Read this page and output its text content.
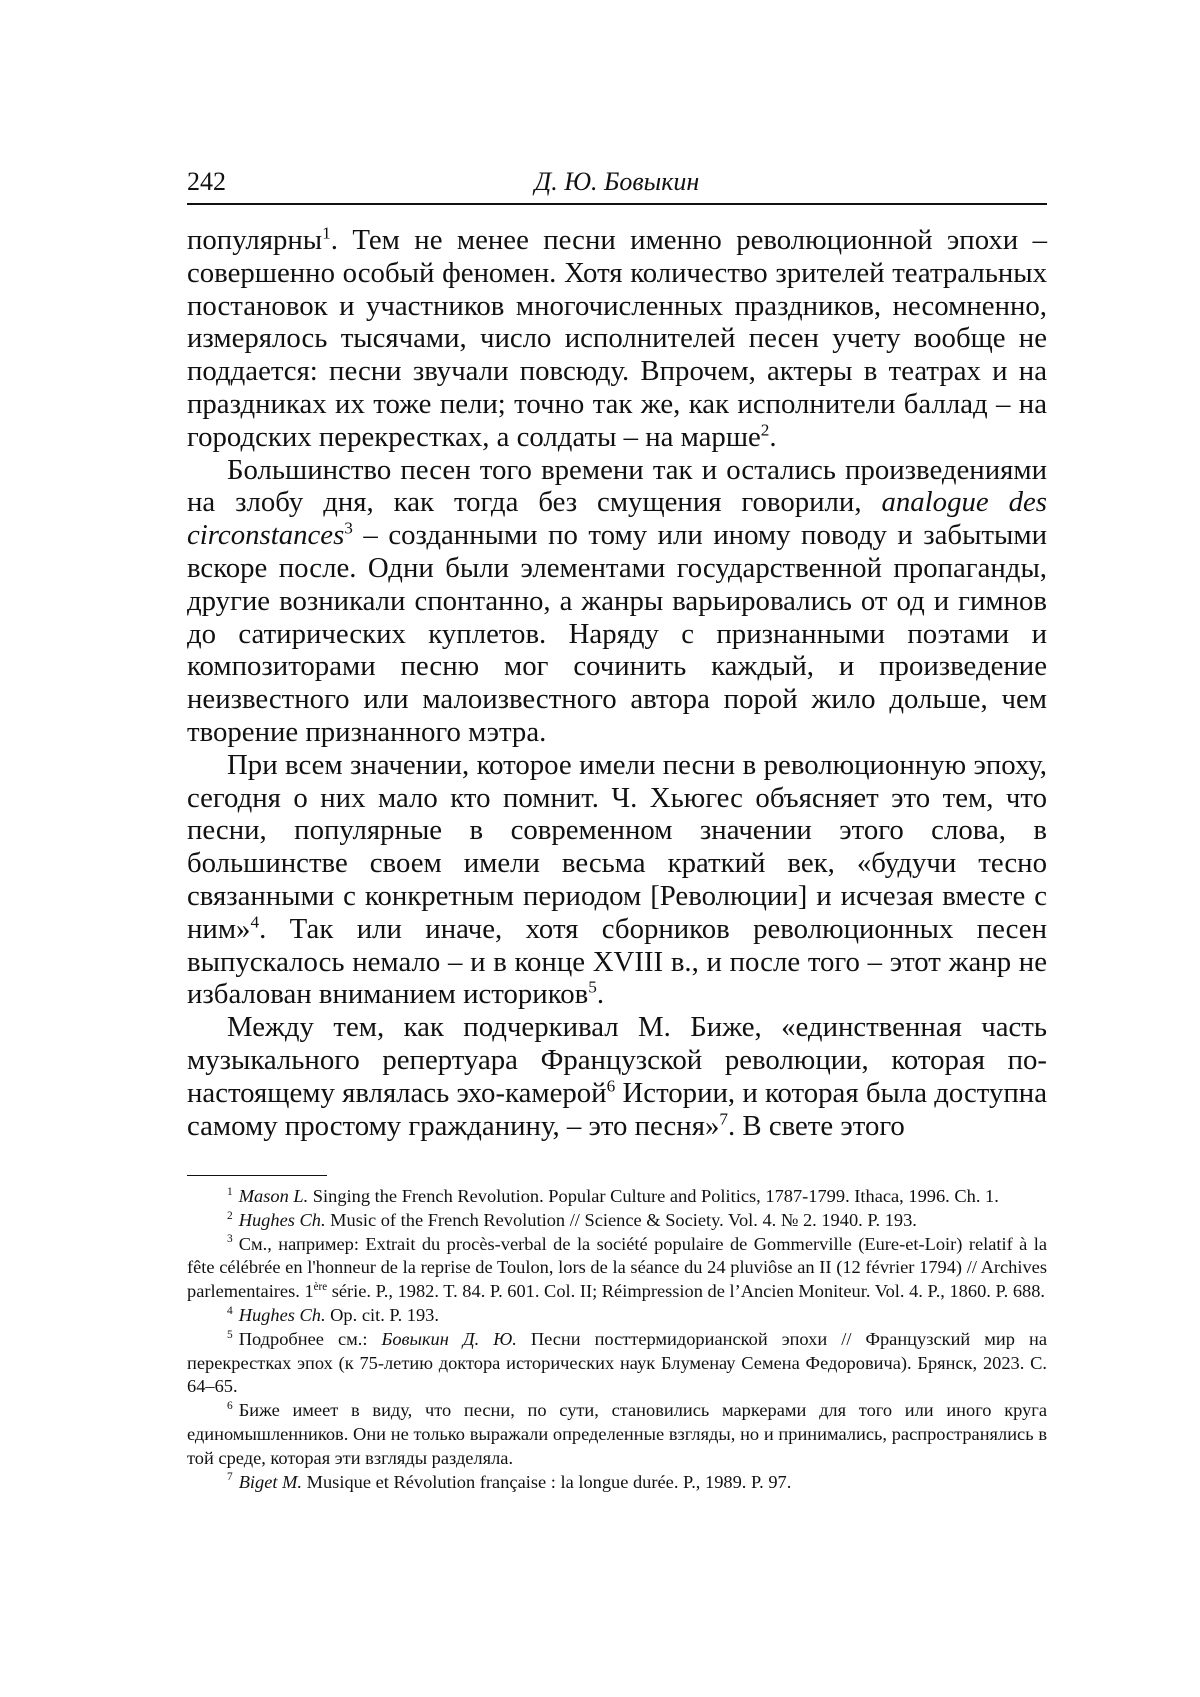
242	Д. Ю. Бовыкин

популярны$^1$. Тем не менее песни именно революционной эпохи – совершенно особый феномен. Хотя количество зрителей театральных постановок и участников многочисленных праздников, несомненно, измерялось тысячами, число исполнителей песен учету вообще не поддается: песни звучали повсюду. Впрочем, актеры в театрах и на праздниках их тоже пели; точно так же, как исполнители баллад – на городских перекрестках, а солдаты – на марше$^2$.

Большинство песен того времени так и остались произведениями на злобу дня, как тогда без смущения говорили, analogue des circonstances$^3$ – созданными по тому или иному поводу и забытыми вскоре после. Одни были элементами государственной пропаганды, другие возникали спонтанно, а жанры варьировались от од и гимнов до сатирических куплетов. Наряду с признанными поэтами и композиторами песню мог сочинить каждый, и произведение неизвестного или малоизвестного автора порой жило дольше, чем творение признанного мэтра.

При всем значении, которое имели песни в революционную эпоху, сегодня о них мало кто помнит. Ч. Хьюгес объясняет это тем, что песни, популярные в современном значении этого слова, в большинстве своем имели весьма краткий век, «будучи тесно связанными с конкретным периодом [Революции] и исчезая вместе с ним»$^4$. Так или иначе, хотя сборников революционных песен выпускалось немало – и в конце XVIII в., и после того – этот жанр не избалован вниманием историков$^5$.

Между тем, как подчеркивал М. Биже, «единственная часть музыкального репертуара Французской революции, которая по-настоящему являлась эхо-камерой$^6$ Истории, и которая была доступна самому простому гражданину, – это песня»$^7$. В свете этого

$^1$ Mason L. Singing the French Revolution. Popular Culture and Politics, 1787-1799. Ithaca, 1996. Ch. 1.

$^2$ Hughes Ch. Music of the French Revolution // Science & Society. Vol. 4. № 2. 1940. P. 193.

$^3$ См., например: Extrait du procès-verbal de la société populaire de Gommerville (Eure-et-Loir) relatif à la fête célébrée en l'honneur de la reprise de Toulon, lors de la séance du 24 pluviôse an II (12 février 1794) // Archives parlementaires. 1ère série. P., 1982. T. 84. P. 601. Col. II; Réimpression de l’Ancien Moniteur. Vol. 4. P., 1860. P. 688.

$^4$ Hughes Ch. Op. cit. P. 193.

$^5$ Подробнее см.: Бовыкин Д. Ю. Песни посттермидорианской эпохи // Французский мир на перекрестках эпох (к 75-летию доктора исторических наук Блуменау Семена Федоровича). Брянск, 2023. С. 64–65.

$^6$ Биже имеет в виду, что песни, по сути, становились маркерами для того или иного круга единомышленников. Они не только выражали определенные взгляды, но и принимались, распространялись в той среде, которая эти взгляды разделяла.

$^7$ Biget M. Musique et Révolution française : la longue durée. P., 1989. P. 97.
